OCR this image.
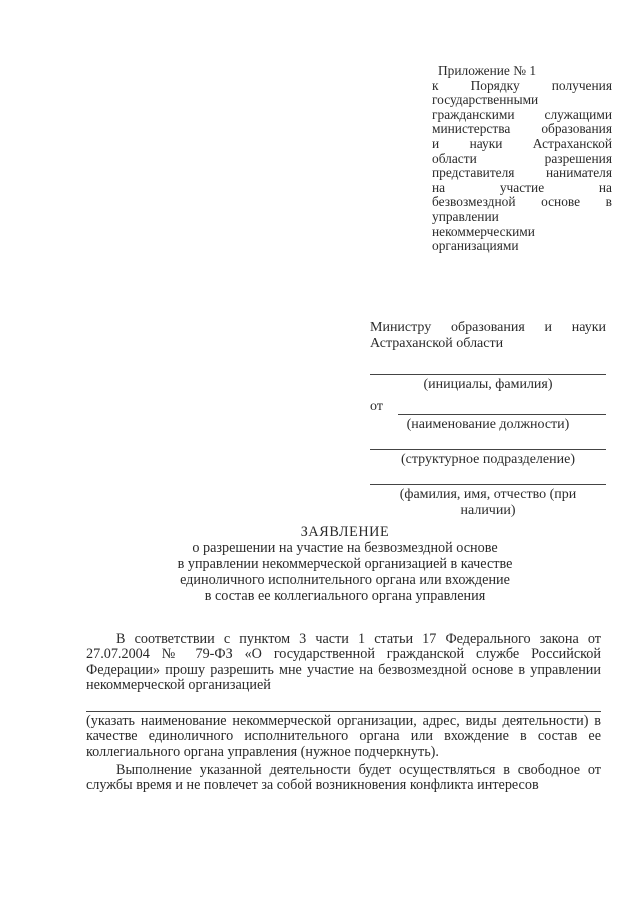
Приложение № 1

к Порядку получения

государственными

гражданскими служащими

министерства образования

и науки Астраханской

области разрешения

представителя нанимателя

на участие на

безвозмездной основе в

управлении

некоммерческими

организациями

Министру образования и науки
Астраханской области

(инициалы, фамилия)
от
(наименование должности)
(структурное подразделение)
(фамилия, имя, отчество (при наличии)
ЗАЯВЛЕНИЕ
о разрешении на участие на безвозмездной основе
в управлении некоммерческой организацией в качестве
единоличного исполнительного органа или вхождение
в состав ее коллегиального органа управления

В соответствии с пунктом 3 части 1 статьи 17 Федерального закона от 27.07.2004 № 79-ФЗ «О государственной гражданской службе Российской Федерации» прошу разрешить мне участие на безвозмездной основе в управлении некоммерческой организацией

(указать наименование некоммерческой организации, адрес, виды деятельности) в качестве единоличного исполнительного органа или вхождение в состав ее коллегиального органа управления (нужное подчеркнуть).

Выполнение указанной деятельности будет осуществляться в свободное от службы время и не повлечет за собой возникновения конфликта интересов
